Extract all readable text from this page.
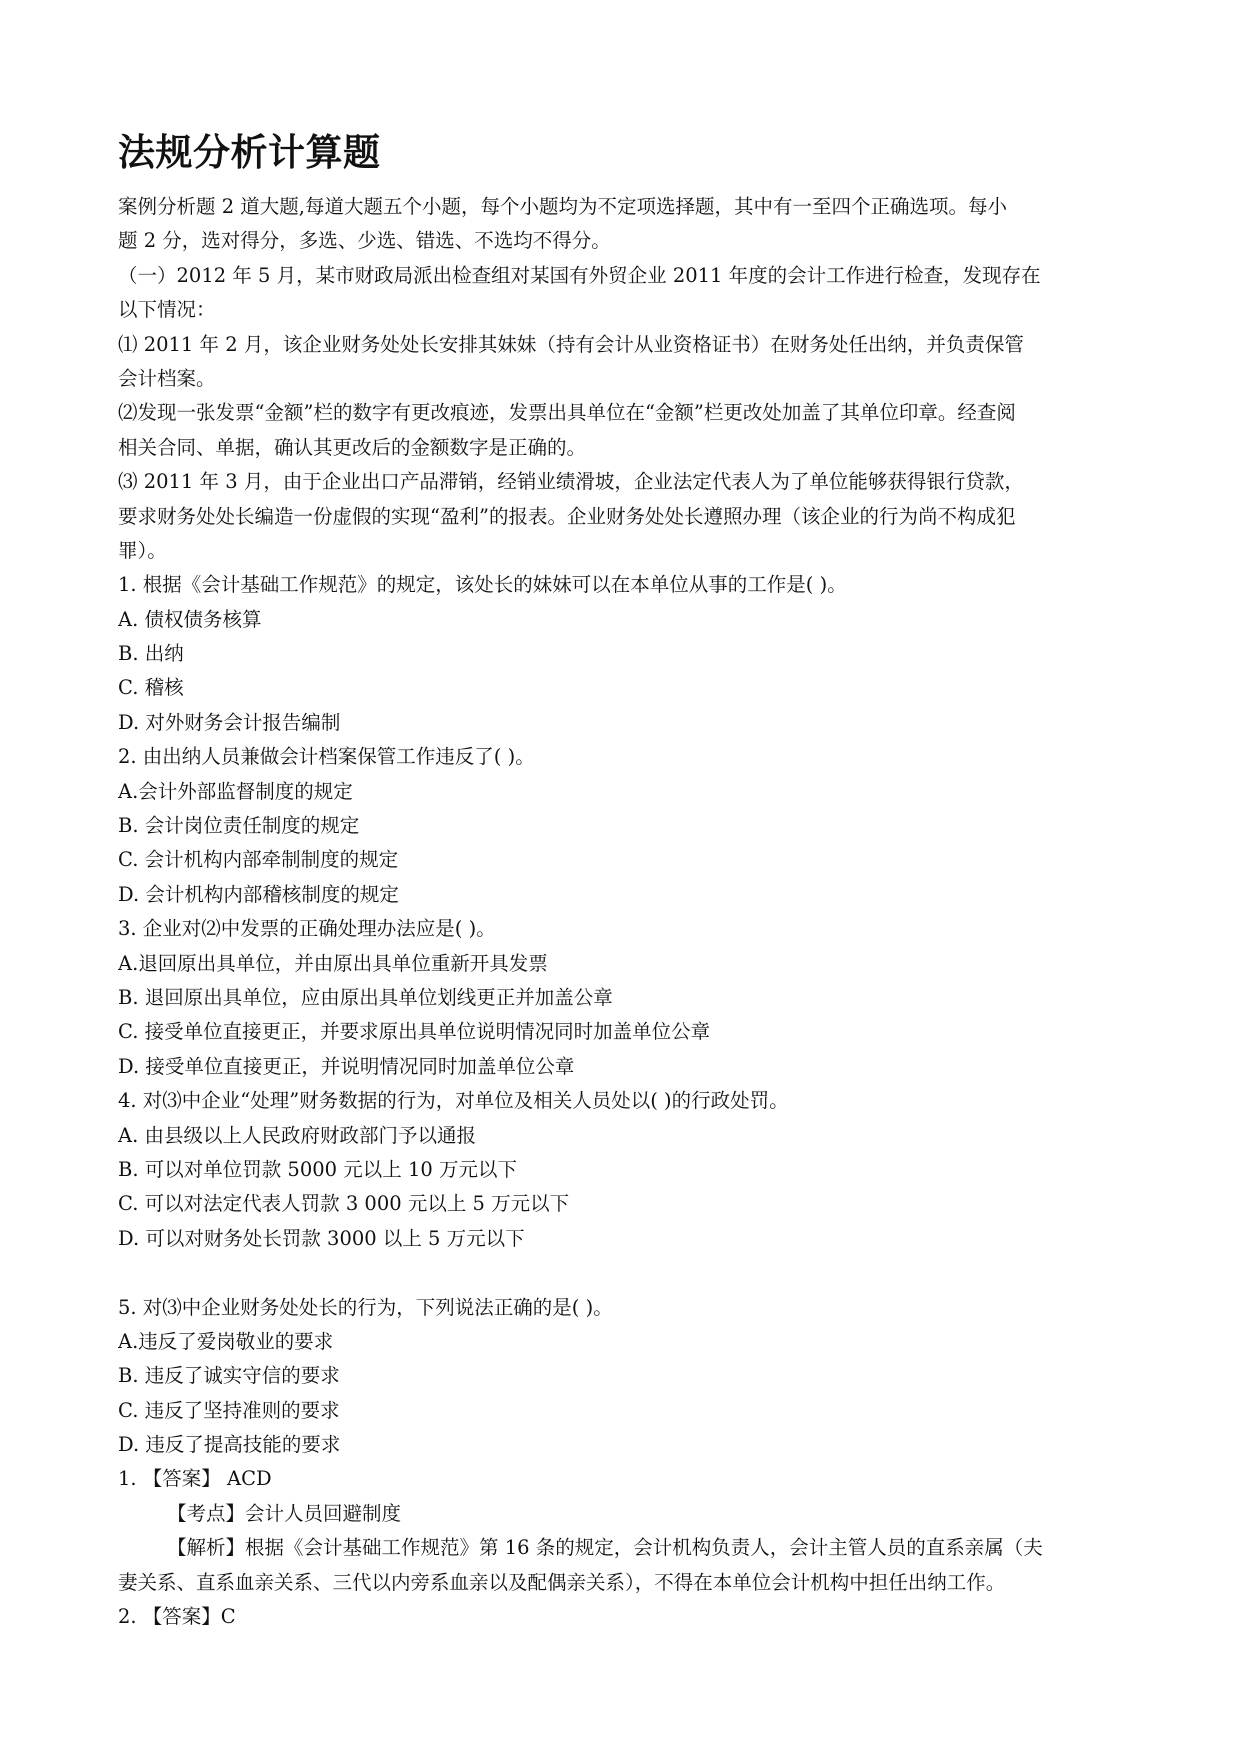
法规分析计算题
案例分析题 2 道大题,每道大题五个小题，每个小题均为不定项选择题，其中有一至四个正确选项。每小
题 2 分，选对得分，多选、少选、错选、不选均不得分。
（一）2012 年 5 月，某市财政局派出检查组对某国有外贸企业 2011 年度的会计工作进行检查，发现存在
以下情况：
⑴ 2011 年 2 月，该企业财务处处长安排其妹妹（持有会计从业资格证书）在财务处任出纳，并负责保管
会计档案。
⑵发现一张发票“金额”栏的数字有更改痕迹，发票出具单位在“金额”栏更改处加盖了其单位印章。经查阅
相关合同、单据，确认其更改后的金额数字是正确的。
⑶ 2011 年 3 月，由于企业出口产品滞销，经销业绩滑坡，企业法定代表人为了单位能够获得银行贷款，
要求财务处处长编造一份虚假的实现“盈利”的报表。企业财务处处长遵照办理（该企业的行为尚不构成犯
罪）。
1. 根据《会计基础工作规范》的规定，该处长的妹妹可以在本单位从事的工作是( )。
A. 债权债务核算
B. 出纳
C. 稽核
D. 对外财务会计报告编制
2. 由出纳人员兼做会计档案保管工作违反了( )。
A.会计外部监督制度的规定
B. 会计岗位责任制度的规定
C. 会计机构内部牵制制度的规定
D. 会计机构内部稽核制度的规定
3. 企业对⑵中发票的正确处理办法应是( )。
A.退回原出具单位，并由原出具单位重新开具发票
B. 退回原出具单位，应由原出具单位划线更正并加盖公章
C. 接受单位直接更正，并要求原出具单位说明情况同时加盖单位公章
D. 接受单位直接更正，并说明情况同时加盖单位公章
4. 对⑶中企业“处理”财务数据的行为，对单位及相关人员处以( )的行政处罚。
A. 由县级以上人民政府财政部门予以通报
B. 可以对单位罚款 5000 元以上 10 万元以下
C. 可以对法定代表人罚款 3 000 元以上 5 万元以下
D. 可以对财务处长罚款 3000 以上 5 万元以下
5. 对⑶中企业财务处处长的行为，下列说法正确的是( )。
A.违反了爱岗敬业的要求
B. 违反了诚实守信的要求
C. 违反了坚持准则的要求
D. 违反了提高技能的要求
1. 【答案】 ACD
【考点】会计人员回避制度
【解析】根据《会计基础工作规范》第 16 条的规定，会计机构负责人，会计主管人员的直系亲属（夫
妻关系、直系血亲关系、三代以内旁系血亲以及配偶亲关系），不得在本单位会计机构中担任出纳工作。
2. 【答案】C
